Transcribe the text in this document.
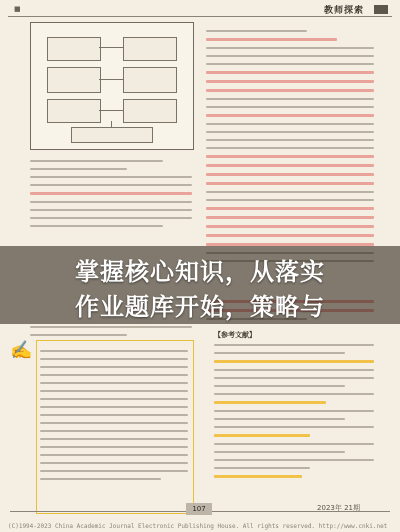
■	教师探索
✍
【参考文献】
107	2023年 21期
(C)1994-2023 China Academic Journal Electronic Publishing House. All rights reserved. http://www.cnki.net
掌握核心知识，从落实
作业题库开始，策略与
